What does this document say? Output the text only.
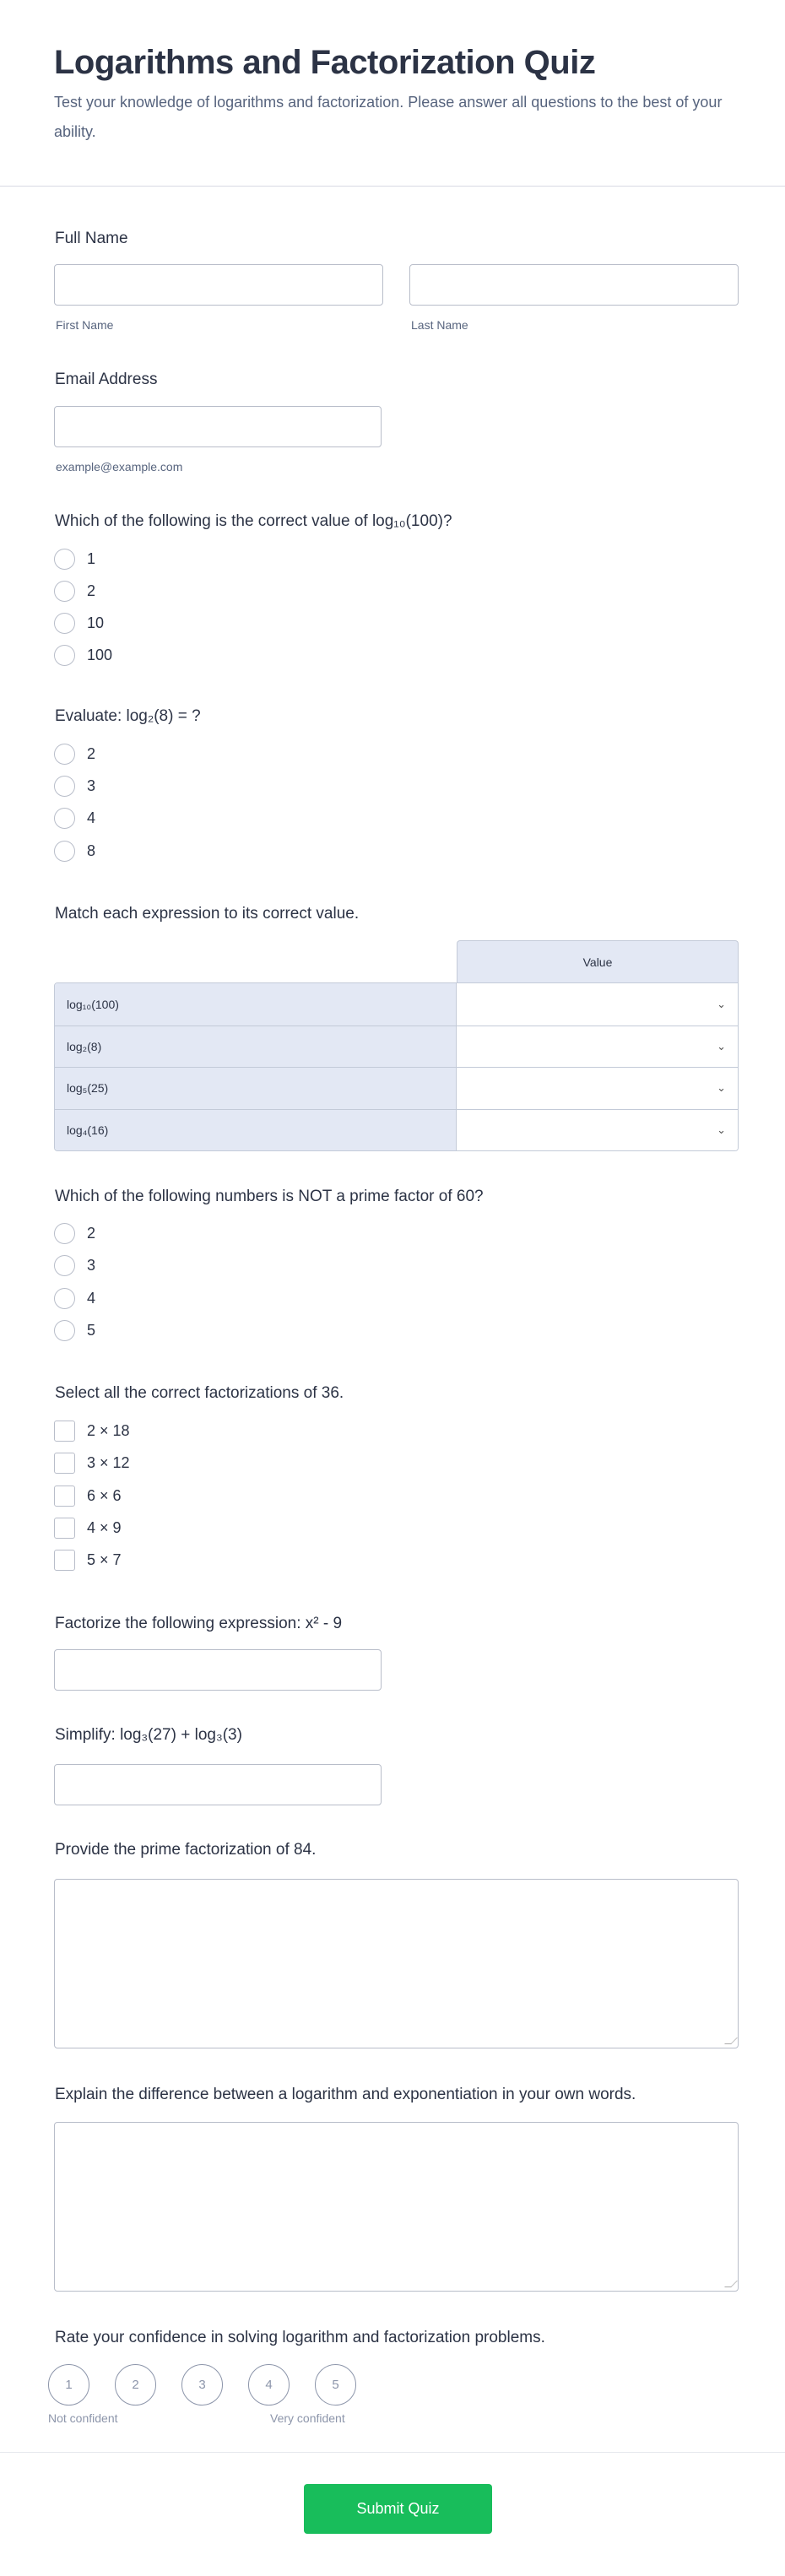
Logarithms and Factorization Quiz
Test your knowledge of logarithms and factorization. Please answer all questions to the best of your ability.
Full Name
First Name	Last Name
Email Address
example@example.com
Which of the following is the correct value of log₁₀(100)?
1
2
10
100
Evaluate: log₂(8) = ?
2
3
4
8
Match each expression to its correct value.
Value
log₁₀(100)	⌄
log₂(8)	⌄
log₅(25)	⌄
log₄(16)	⌄
Which of the following numbers is NOT a prime factor of 60?
2
3
4
5
Select all the correct factorizations of 36.
2 × 18
3 × 12
6 × 6
4 × 9
5 × 7
Factorize the following expression: x² - 9
Simplify: log₃(27) + log₃(3)
Provide the prime factorization of 84.
Explain the difference between a logarithm and exponentiation in your own words.
Rate your confidence in solving logarithm and factorization problems.
1	2	3	4	5
Not confident	Very confident
Submit Quiz
